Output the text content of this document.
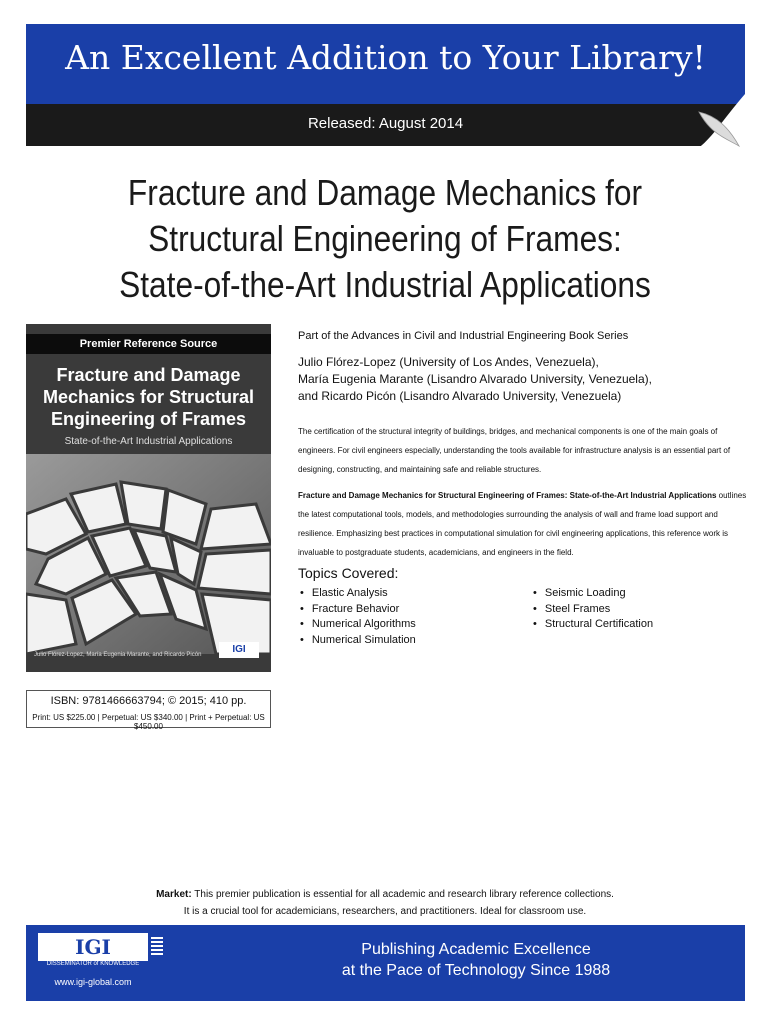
An Excellent Addition to Your Library!
Released: August 2014
Fracture and Damage Mechanics for
Structural Engineering of Frames:
State-of-the-Art Industrial Applications
Premier Reference Source
Fracture and Damage Mechanics for Structural Engineering of Frames
State-of-the-Art Industrial Applications
Julio Flórez-Lopez, María Eugenia Marante, and Ricardo Picón	IGI
ISBN: 9781466663794; © 2015; 410 pp.
Print: US $225.00 | Perpetual: US $340.00 | Print + Perpetual: US $450.00
Part of the Advances in Civil and Industrial Engineering Book Series
Julio Flórez-Lopez (University of Los Andes, Venezuela),
María Eugenia Marante (Lisandro Alvarado University, Venezuela),
and Ricardo Picón (Lisandro Alvarado University, Venezuela)
The certification of the structural integrity of buildings, bridges, and mechanical components is one of the main goals of engineers. For civil engineers especially, understanding the tools available for infrastructure analysis is an essential part of designing, constructing, and maintaining safe and reliable structures.
Fracture and Damage Mechanics for Structural Engineering of Frames: State-of-the-Art Industrial Applications outlines the latest computational tools, models, and methodologies surrounding the analysis of wall and frame load support and resilience. Emphasizing best practices in computational simulation for civil engineering applications, this reference work is invaluable to postgraduate students, academicians, and engineers in the field.
Topics Covered:
• Elastic Analysis
• Fracture Behavior
• Numerical Algorithms
• Numerical Simulation
• Seismic Loading
• Steel Frames
• Structural Certification
Market: This premier publication is essential for all academic and research library reference collections.
It is a crucial tool for academicians, researchers, and practitioners. Ideal for classroom use.
IGI
DISSEMINATOR of KNOWLEDGE
www.igi-global.com
Publishing Academic Excellence
at the Pace of Technology Since 1988
